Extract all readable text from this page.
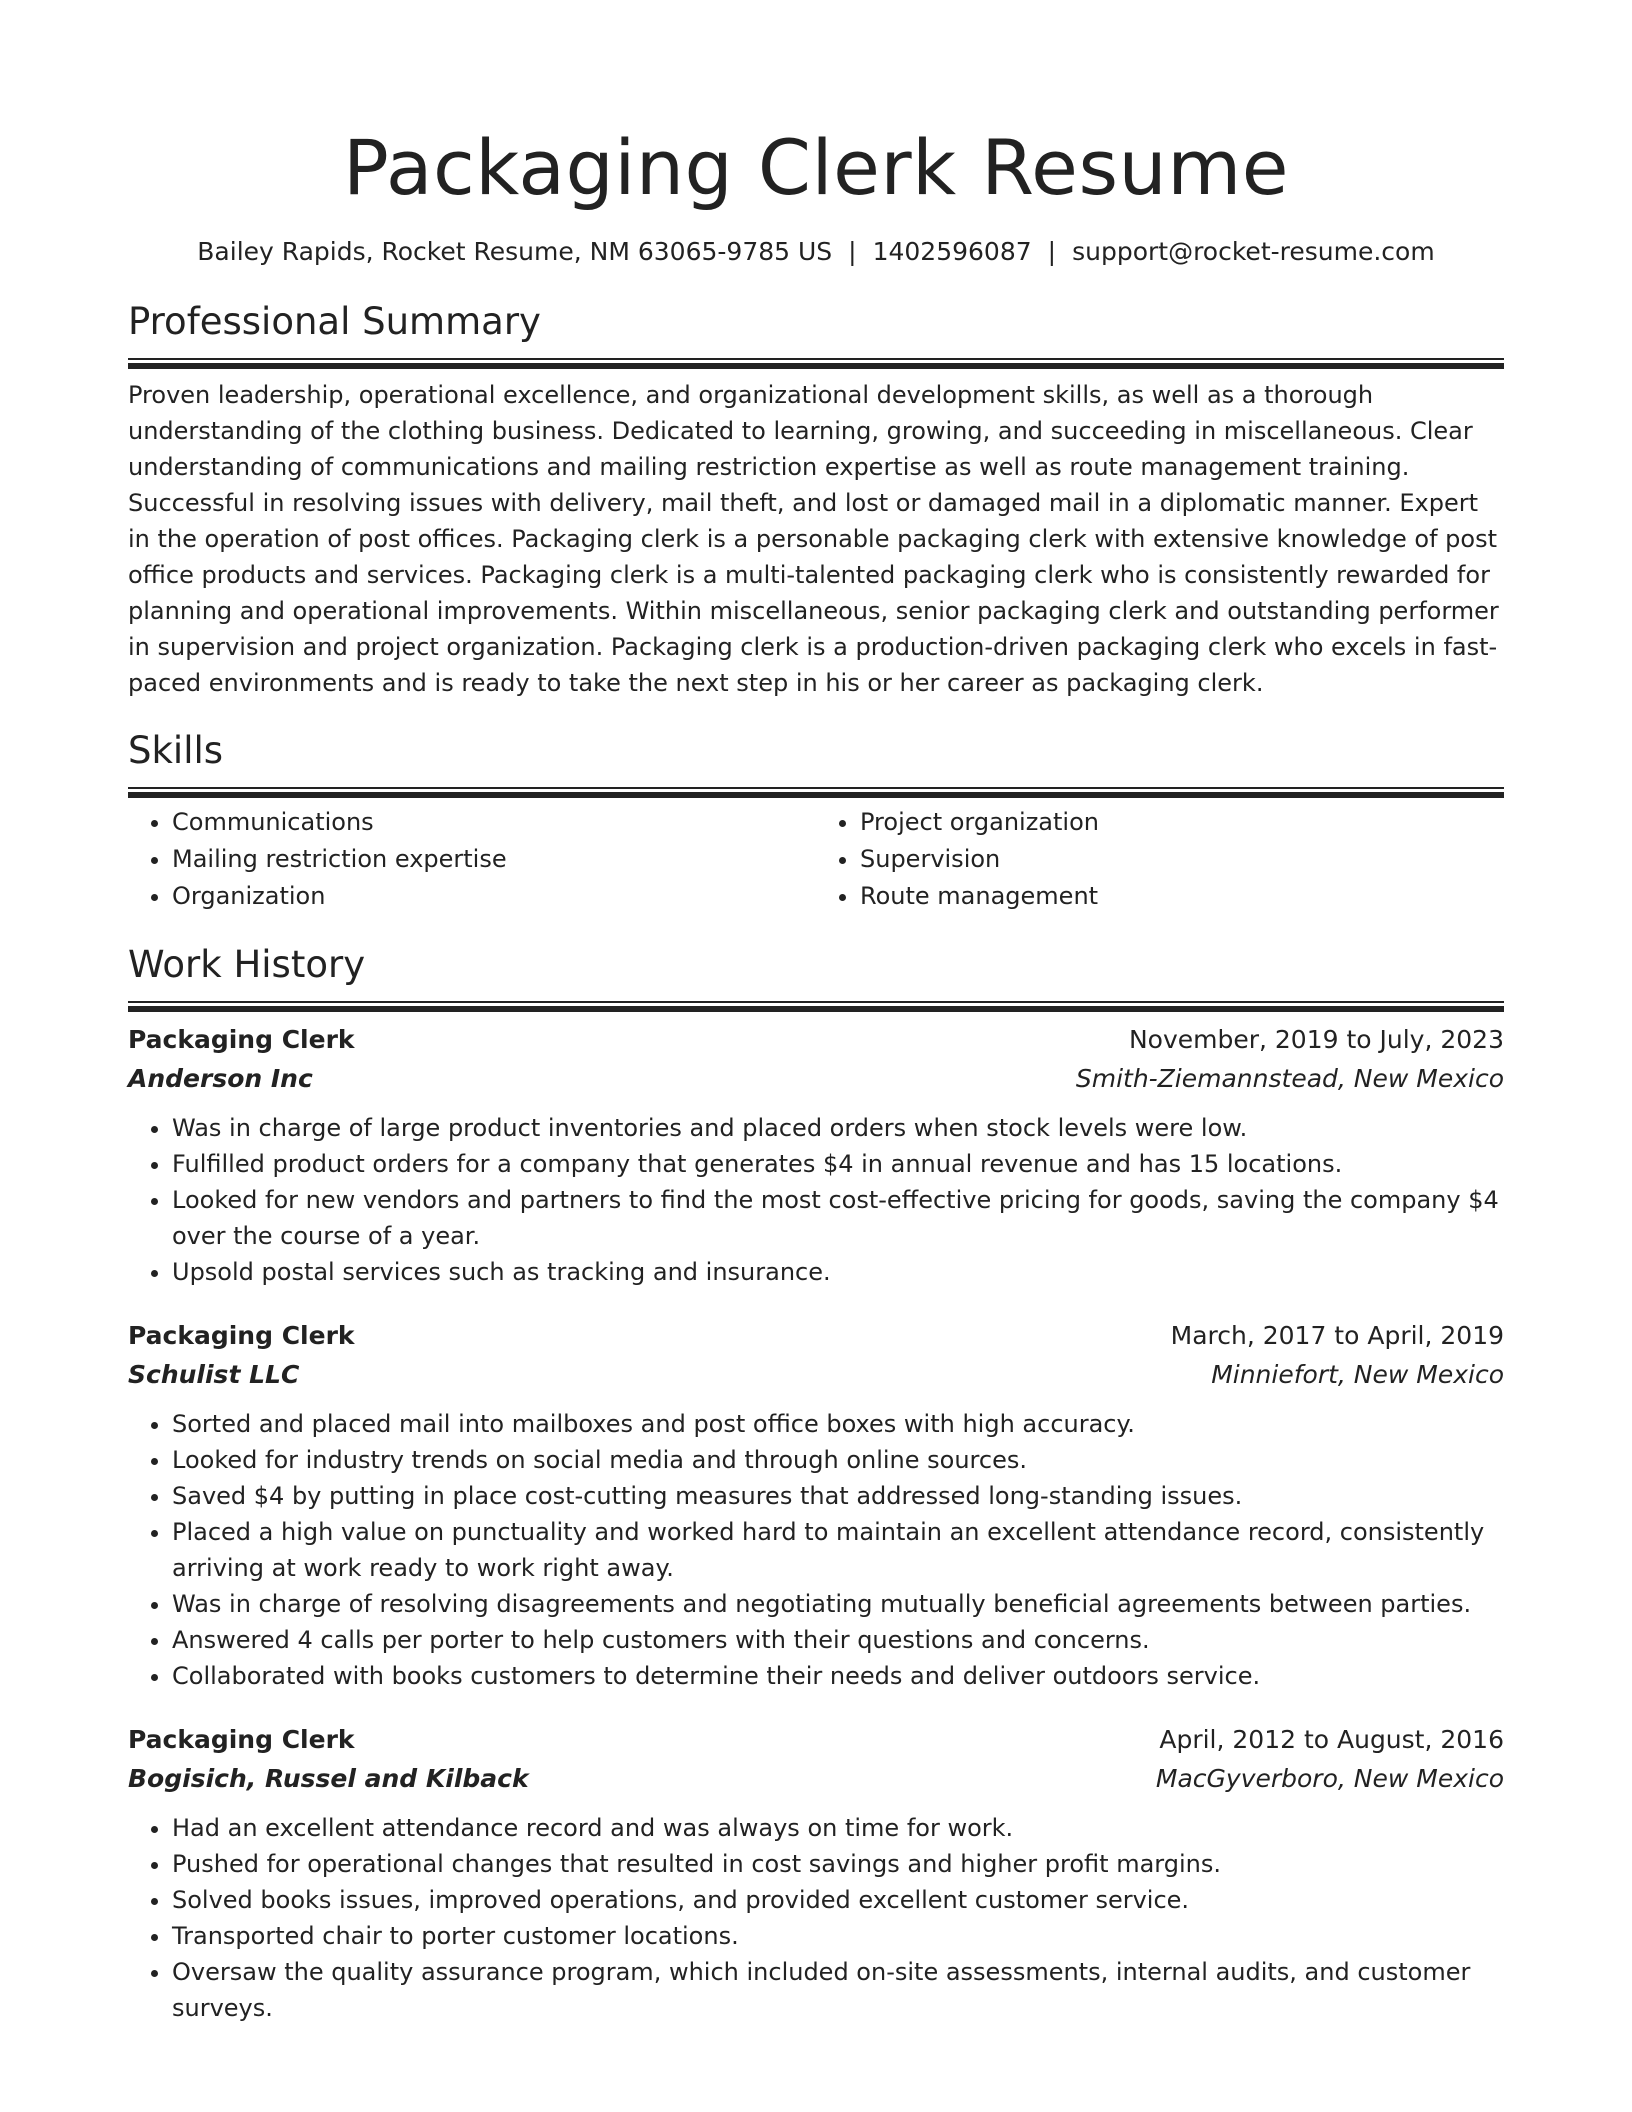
Packaging Clerk Resume
Bailey Rapids, Rocket Resume, NM 63065-9785 US | 1402596087 | support@rocket-resume.com
Professional Summary

Proven leadership, operational excellence, and organizational development skills, as well as a thorough understanding of the clothing business. Dedicated to learning, growing, and succeeding in miscellaneous. Clear understanding of communications and mailing restriction expertise as well as route management training. Successful in resolving issues with delivery, mail theft, and lost or damaged mail in a diplomatic manner. Expert in the operation of post offices. Packaging clerk is a personable packaging clerk with extensive knowledge of post office products and services. Packaging clerk is a multi-talented packaging clerk who is consistently rewarded for planning and operational improvements. Within miscellaneous, senior packaging clerk and outstanding performer in supervision and project organization. Packaging clerk is a production-driven packaging clerk who excels in fast-paced environments and is ready to take the next step in his or her career as packaging clerk.

Skills
• Communications
• Mailing restriction expertise
• Organization
• Project organization
• Supervision
• Route management
Work History
Packaging Clerk	November, 2019 to July, 2023
Anderson Inc	Smith-Ziemannstead, New Mexico
• Was in charge of large product inventories and placed orders when stock levels were low.
• Fulfilled product orders for a company that generates $4 in annual revenue and has 15 locations.
• Looked for new vendors and partners to find the most cost-effective pricing for goods, saving the company $4 over the course of a year.
• Upsold postal services such as tracking and insurance.
Packaging Clerk	March, 2017 to April, 2019
Schulist LLC	Minniefort, New Mexico
• Sorted and placed mail into mailboxes and post office boxes with high accuracy.
• Looked for industry trends on social media and through online sources.
• Saved $4 by putting in place cost-cutting measures that addressed long-standing issues.
• Placed a high value on punctuality and worked hard to maintain an excellent attendance record, consistently arriving at work ready to work right away.
• Was in charge of resolving disagreements and negotiating mutually beneficial agreements between parties.
• Answered 4 calls per porter to help customers with their questions and concerns.
• Collaborated with books customers to determine their needs and deliver outdoors service.
Packaging Clerk	April, 2012 to August, 2016
Bogisich, Russel and Kilback	MacGyverboro, New Mexico
• Had an excellent attendance record and was always on time for work.
• Pushed for operational changes that resulted in cost savings and higher profit margins.
• Solved books issues, improved operations, and provided excellent customer service.
• Transported chair to porter customer locations.
• Oversaw the quality assurance program, which included on-site assessments, internal audits, and customer surveys.
